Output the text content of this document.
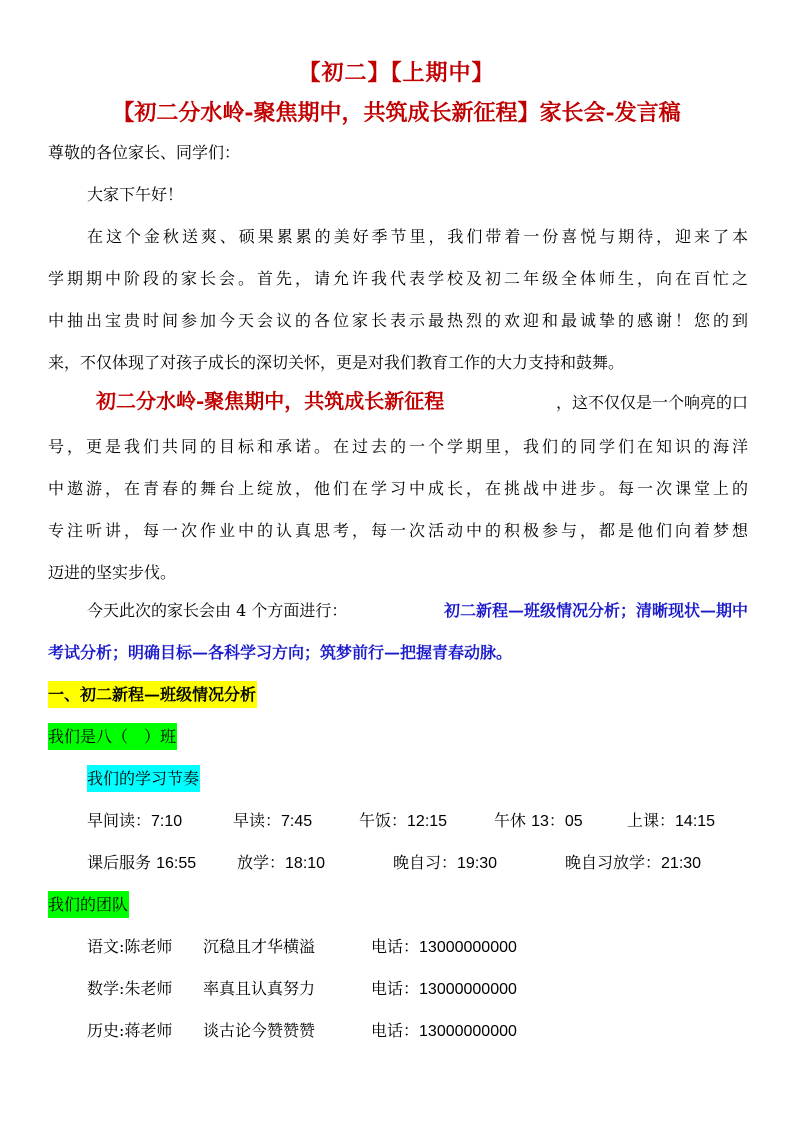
【初二】【上期中】
【初二分水岭-聚焦期中，共筑成长新征程】家长会-发言稿
尊敬的各位家长、同学们：
大家下午好！
在这个金秋送爽、硕果累累的美好季节里，我们带着一份喜悦与期待，迎来了本
学期期中阶段的家长会。首先，请允许我代表学校及初二年级全体师生，向在百忙之
中抽出宝贵时间参加今天会议的各位家长表示最热烈的欢迎和最诚挚的感谢！您的到
来，不仅体现了对孩子成长的深切关怀，更是对我们教育工作的大力支持和鼓舞。
初二分水岭-聚焦期中，共筑成长新征程	，这不仅仅是一个响亮的口
号，更是我们共同的目标和承诺。在过去的一个学期里，我们的同学们在知识的海洋
中遨游，在青春的舞台上绽放，他们在学习中成长，在挑战中进步。每一次课堂上的
专注听讲，每一次作业中的认真思考，每一次活动中的积极参与，都是他们向着梦想
迈进的坚实步伐。
今天此次的家长会由 4 个方面进行：	初二新程—班级情况分析；清晰现状—期中
考试分析；明确目标—各科学习方向；筑梦前行—把握青春动脉。
一、初二新程—班级情况分析
我们是八（　）班
我们的学习节奏
早间读：7:10	早读：7:45	午饭：12:15	午休 13：05	上课：14:15
课后服务 16:55	放学：18:10	晚自习：19:30	晚自习放学：21:30
我们的团队
语文:陈老师 沉稳且才华横溢	电话：13000000000
数学:朱老师 率真且认真努力	电话：13000000000
历史:蒋老师 谈古论今赞赞赞	电话：13000000000
